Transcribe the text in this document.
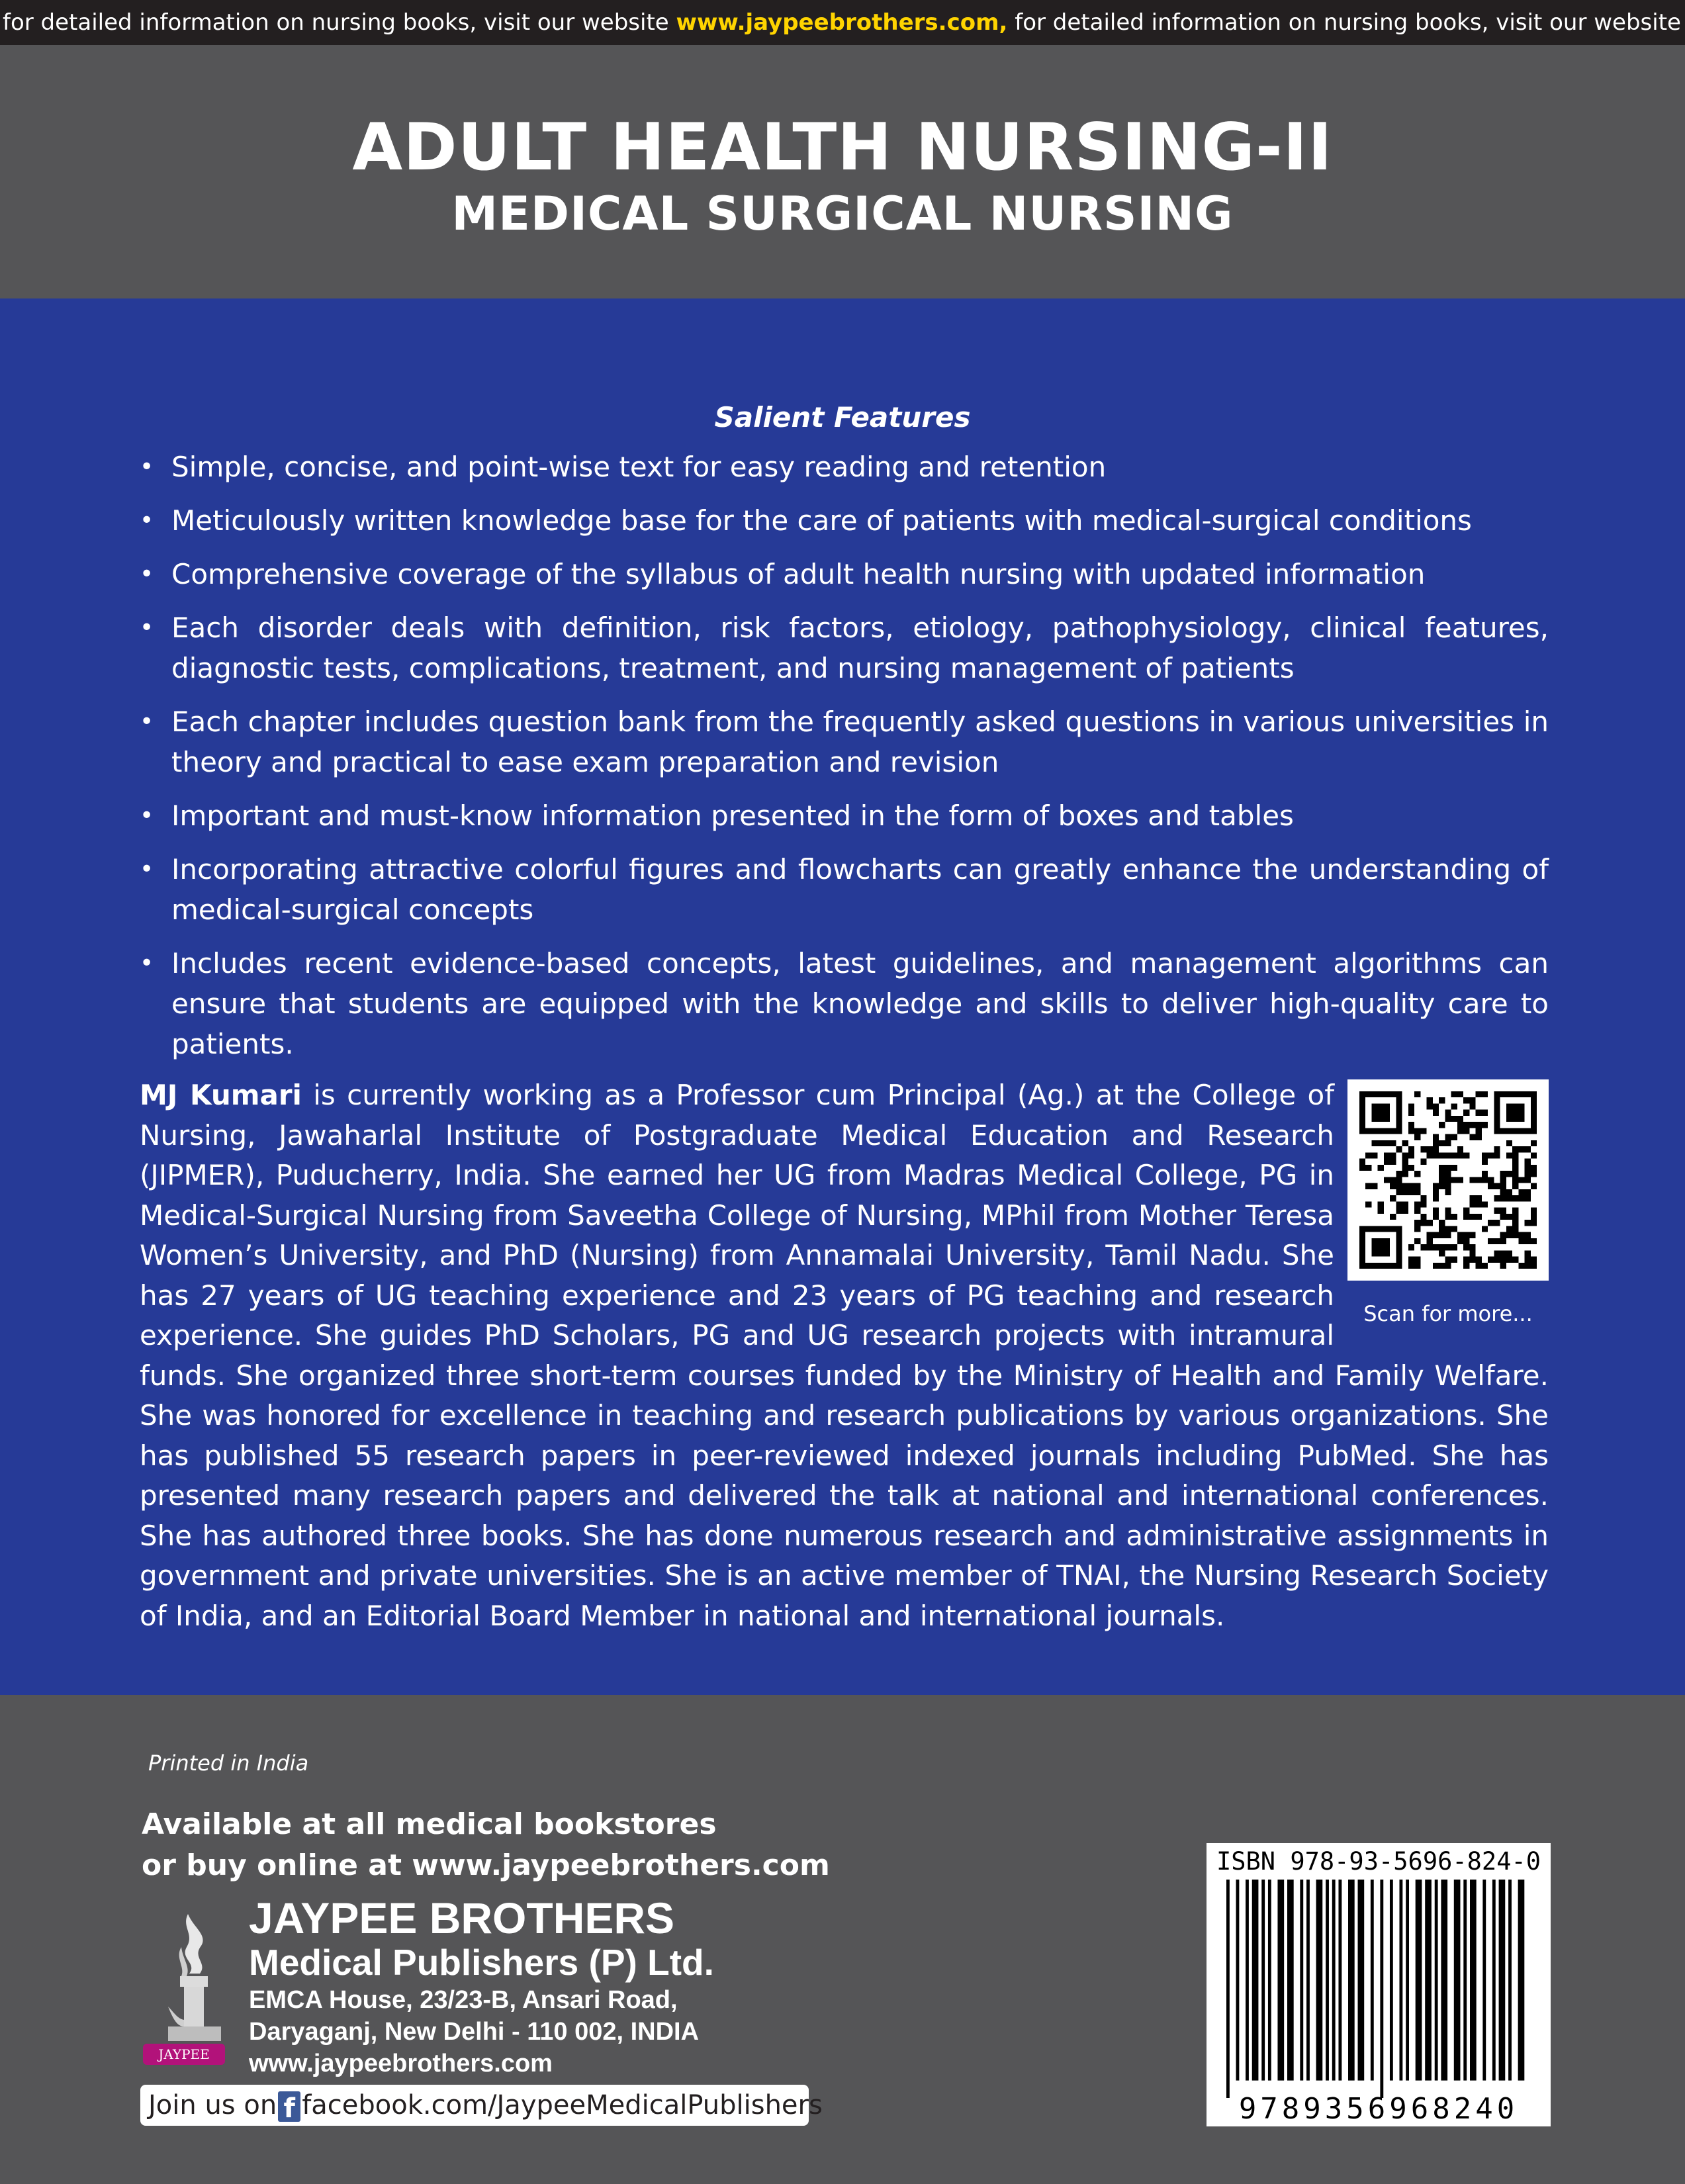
for detailed information on nursing books, visit our website www.jaypeebrothers.com, for detailed information on nursing books, visit our website
ADULT HEALTH NURSING-II
MEDICAL SURGICAL NURSING

Salient Features

• Simple, concise, and point-wise text for easy reading and retention
• Meticulously written knowledge base for the care of patients with medical-surgical conditions
• Comprehensive coverage of the syllabus of adult health nursing with updated information
• Each disorder deals with definition, risk factors, etiology, pathophysiology, clinical features, diagnostic tests, complications, treatment, and nursing management of patients
• Each chapter includes question bank from the frequently asked questions in various universities in theory and practical to ease exam preparation and revision
• Important and must-know information presented in the form of boxes and tables
• Incorporating attractive colorful figures and flowcharts can greatly enhance the understanding of medical-surgical concepts
• Includes recent evidence-based concepts, latest guidelines, and management algorithms can ensure that students are equipped with the knowledge and skills to deliver high-quality care to patients.

MJ Kumari is currently working as a Professor cum Principal (Ag.) at the College of Nursing, Jawaharlal Institute of Postgraduate Medical Education and Research (JIPMER), Puducherry, India. She earned her UG from Madras Medical College, PG in Medical-Surgical Nursing from Saveetha College of Nursing, MPhil from Mother Teresa Women’s University, and PhD (Nursing) from Annamalai University, Tamil Nadu. She has 27 years of UG teaching experience and 23 years of PG teaching and research experience. She guides PhD Scholars, PG and UG research projects with intramural funds. She organized three short-term courses funded by the Ministry of Health and Family Welfare. She was honored for excellence in teaching and research publications by various organizations. She has published 55 research papers in peer-reviewed indexed journals including PubMed. She has presented many research papers and delivered the talk at national and international conferences. She has authored three books. She has done numerous research and administrative assignments in government and private universities. She is an active member of TNAI, the Nursing Research Society of India, and an Editorial Board Member in national and international journals.

Scan for more...
Printed in India
Available at all medical bookstores
or buy online at www.jaypeebrothers.com
JAYPEE
JAYPEE BROTHERS
Medical Publishers (P) Ltd.
EMCA House, 23/23-B, Ansari Road,
Daryaganj, New Delhi - 110 002, INDIA
www.jaypeebrothers.com
Join us on f facebook.com/JaypeeMedicalPublishers
ISBN 978-93-5696-824-0
9789356968240
